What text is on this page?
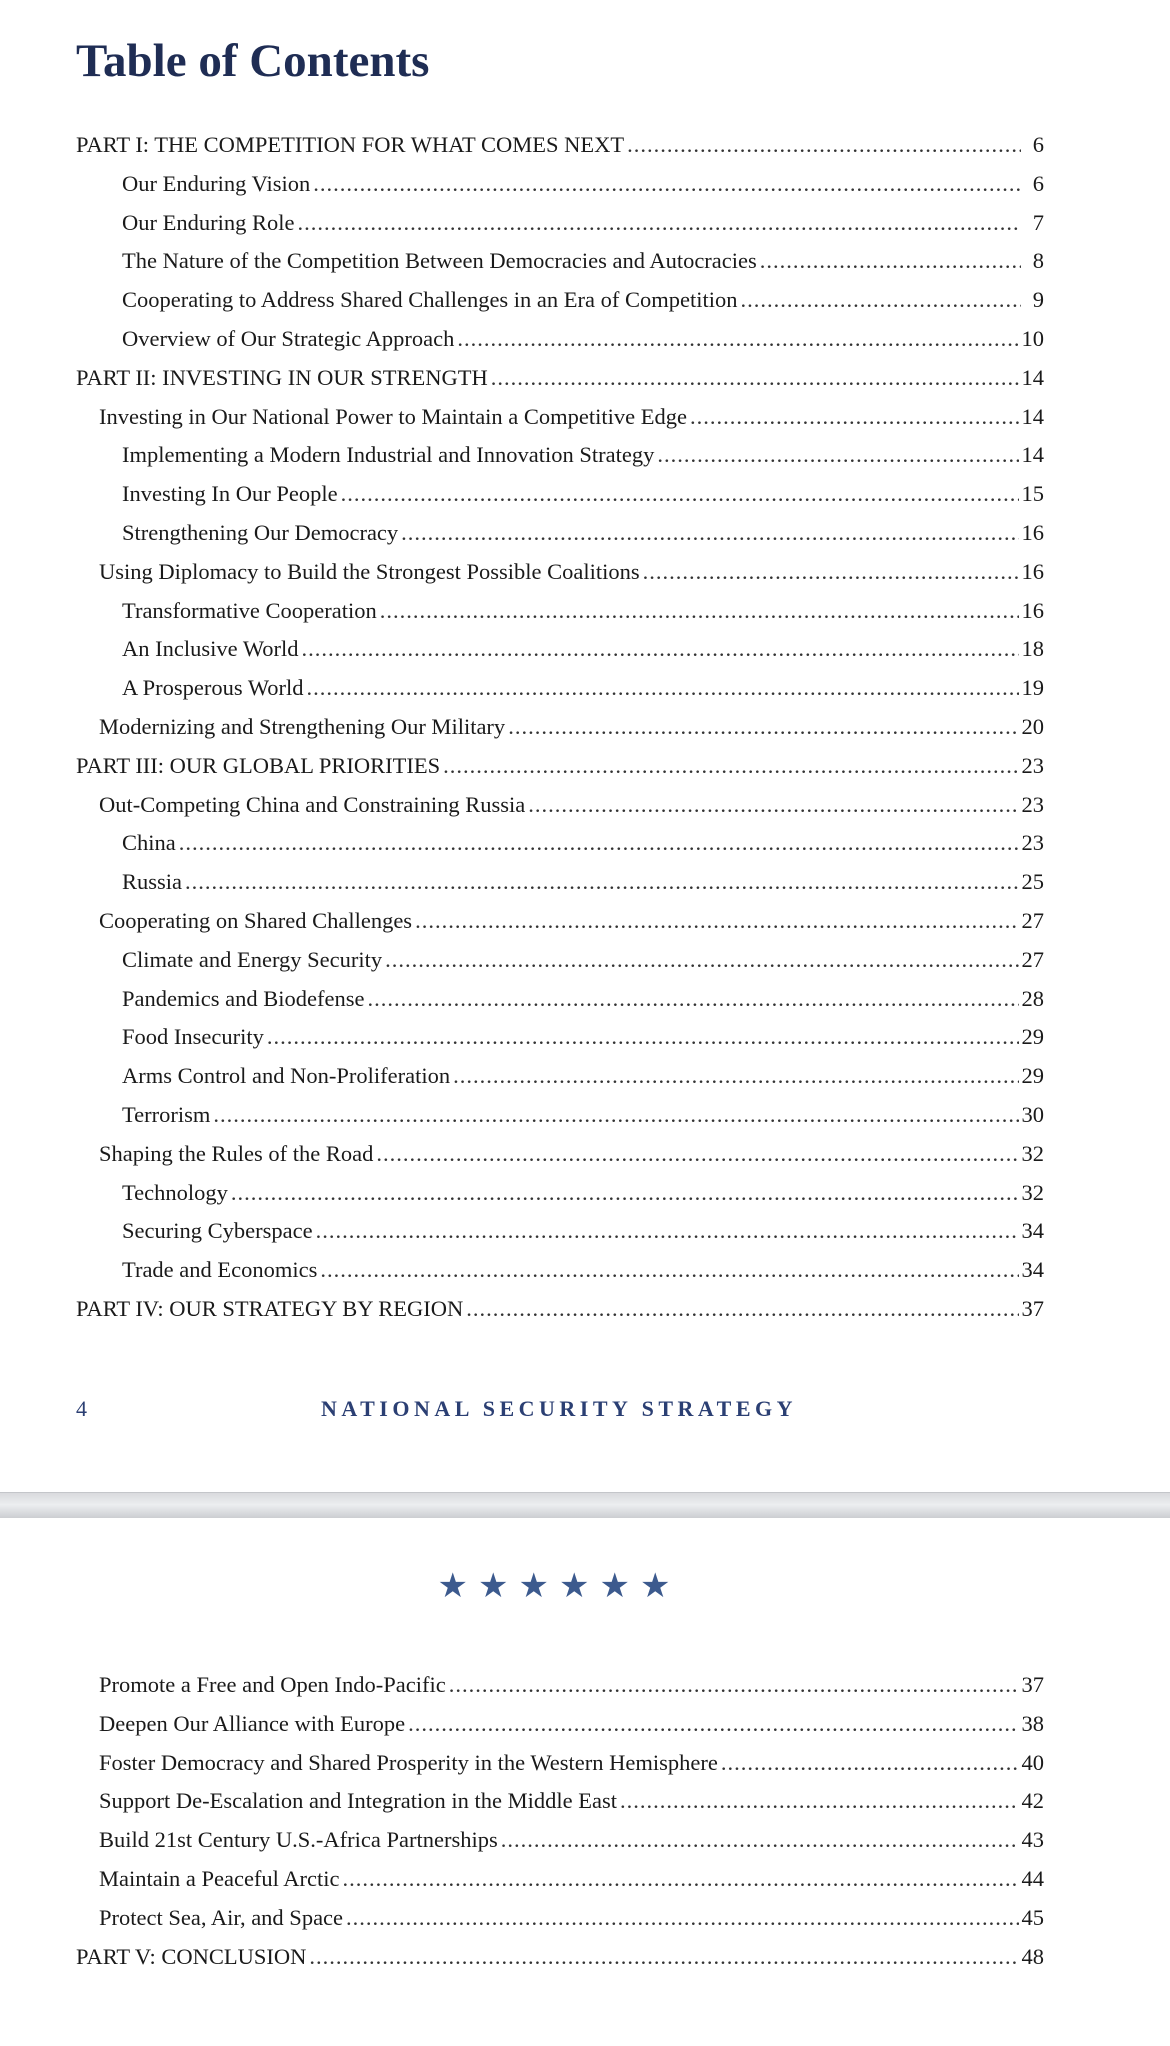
Table of Contents
PART I: THE COMPETITION FOR WHAT COMES NEXT .....	6
Our Enduring Vision .....	6
Our Enduring Role .....	7
The Nature of the Competition Between Democracies and Autocracies .....	8
Cooperating to Address Shared Challenges in an Era of Competition .....	9
Overview of Our Strategic Approach .....	10
PART II: INVESTING IN OUR STRENGTH .....	14
Investing in Our National Power to Maintain a Competitive Edge .....	14
Implementing a Modern Industrial and Innovation Strategy .....	14
Investing In Our People .....	15
Strengthening Our Democracy .....	16
Using Diplomacy to Build the Strongest Possible Coalitions .....	16
Transformative Cooperation .....	16
An Inclusive World .....	18
A Prosperous World .....	19
Modernizing and Strengthening Our Military .....	20
PART III: OUR GLOBAL PRIORITIES .....	23
Out-Competing China and Constraining Russia .....	23
China .....	23
Russia .....	25
Cooperating on Shared Challenges .....	27
Climate and Energy Security .....	27
Pandemics and Biodefense .....	28
Food Insecurity .....	29
Arms Control and Non-Proliferation .....	29
Terrorism .....	30
Shaping the Rules of the Road .....	32
Technology .....	32
Securing Cyberspace .....	34
Trade and Economics .....	34
PART IV: OUR STRATEGY BY REGION .....	37
4	NATIONAL SECURITY STRATEGY
★★★★★★
Promote a Free and Open Indo-Pacific .....	37
Deepen Our Alliance with Europe .....	38
Foster Democracy and Shared Prosperity in the Western Hemisphere .....	40
Support De-Escalation and Integration in the Middle East .....	42
Build 21st Century U.S.-Africa Partnerships .....	43
Maintain a Peaceful Arctic .....	44
Protect Sea, Air, and Space .....	45
PART V: CONCLUSION .....	48
